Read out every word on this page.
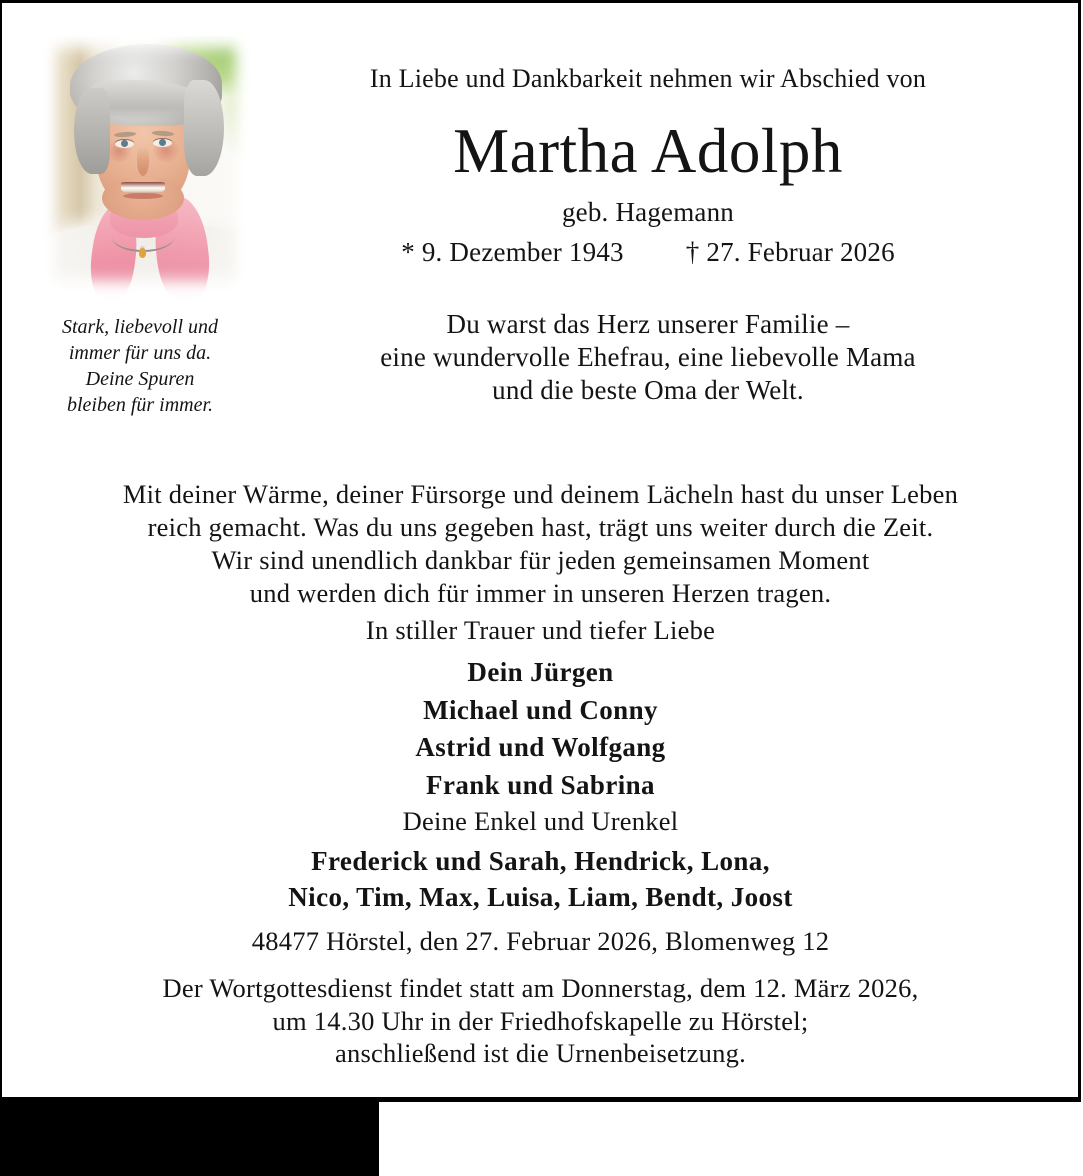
Stark, liebevoll und
immer für uns da.
Deine Spuren
bleiben für immer.
In Liebe und Dankbarkeit nehmen wir Abschied von
Martha Adolph
geb. Hagemann
* 9. Dezember 1943 † 27. Februar 2026
Du warst das Herz unserer Familie –
eine wundervolle Ehefrau, eine liebevolle Mama
und die beste Oma der Welt.
Mit deiner Wärme, deiner Fürsorge und deinem Lächeln hast du unser Leben
reich gemacht. Was du uns gegeben hast, trägt uns weiter durch die Zeit.
Wir sind unendlich dankbar für jeden gemeinsamen Moment
und werden dich für immer in unseren Herzen tragen.
In stiller Trauer und tiefer Liebe
Dein Jürgen
Michael und Conny
Astrid und Wolfgang
Frank und Sabrina
Deine Enkel und Urenkel
Frederick und Sarah, Hendrick, Lona,
Nico, Tim, Max, Luisa, Liam, Bendt, Joost
48477 Hörstel, den 27. Februar 2026, Blomenweg 12
Der Wortgottesdienst findet statt am Donnerstag, dem 12. März 2026,
um 14.30 Uhr in der Friedhofskapelle zu Hörstel;
anschließend ist die Urnenbeisetzung.
